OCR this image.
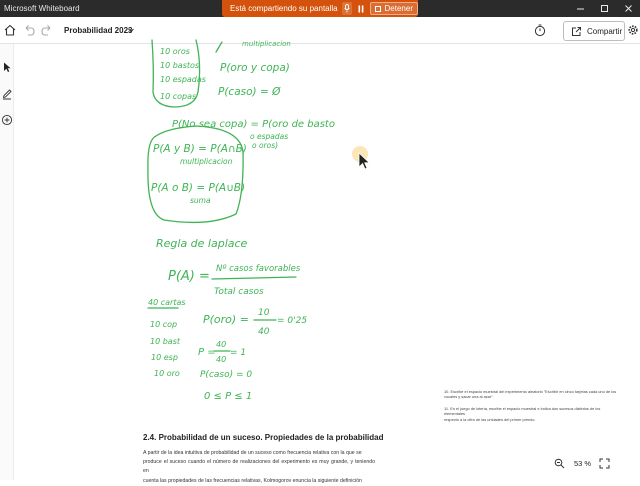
Microsoft Whiteboard	Está compartiendo su pantalla	Detener
Probabilidad 2023	Compartir
10 oros
10 bastos
10 espadas
10 copas
multiplicacion
P(oro y copa)
P(caso) = Ø
P(No sea copa) = P(oro de basto
o espadas
o oros)
P(A y B) = P(A∩B)
multiplicacion
P(A o B) = P(A∪B)
suma
Regla de laplace
P(A) = Nº casos favorables
Total casos
40 cartas
10 cop
10 bast
10 esp
10 oro
P(oro) = 10
40
= 0'25
P =
40
40
= 1
P(caso) = 0
0 ≤ P ≤ 1
2.4. Probabilidad de un suceso. Propiedades de la probabilidad
A partir de la idea intuitiva de probabilidad de un suceso como frecuencia relativa con la que se
produce el suceso cuando el número de realizaciones del experimento es muy grande, y teniendo en
cuenta las propiedades de las frecuencias relativas, Kolmogorov enuncia la siguiente definición
10. Escribe el espacio muestral del experimento aleatorio "Escribir en cinco tarjetas cada uno de los
vocales y sacar una al azar".
11. En el juego de lotería, escribe el espacio muestral e indica dos sucesos distintos de los elementales
respecto a la cifra de las unidades del primer premio.
53 %
